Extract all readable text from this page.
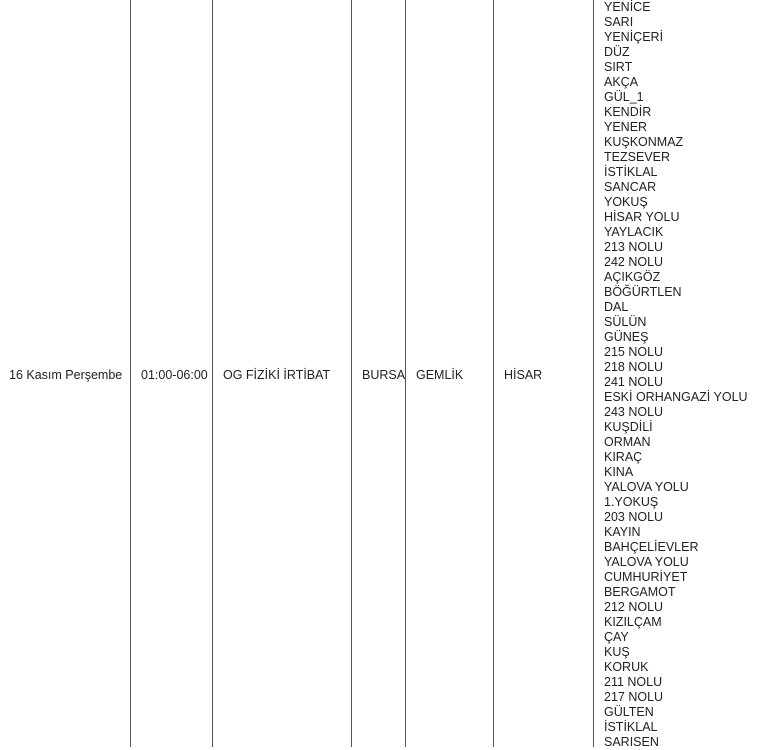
16 Kasım Perşembe 01:00-06:00 OG FİZİKİ İRTİBAT	BURSA GEMLİK	HİSAR
YENİCE
SARI
YENİÇERİ
DÜZ
SIRT
AKÇA
GÜL_1
KENDİR
YENER
KUŞKONMAZ
TEZSEVER
İSTİKLAL
SANCAR
YOKUŞ
HİSAR YOLU
YAYLACIK
213 NOLU
242 NOLU
AÇIKGÖZ
BÖĞÜRTLEN
DAL
SÜLÜN
GÜNEŞ
215 NOLU
218 NOLU
241 NOLU
ESKİ ORHANGAZİ YOLU
243 NOLU
KUŞDİLİ
ORMAN
KIRAÇ
KINA
YALOVA YOLU
1.YOKUŞ
203 NOLU
KAYIN
BAHÇELİEVLER
YALOVA YOLU
CUMHURİYET
BERGAMOT
212 NOLU
KIZILÇAM
ÇAY
KUŞ
KORUK
211 NOLU
217 NOLU
GÜLTEN
İSTİKLAL
SARISEN
